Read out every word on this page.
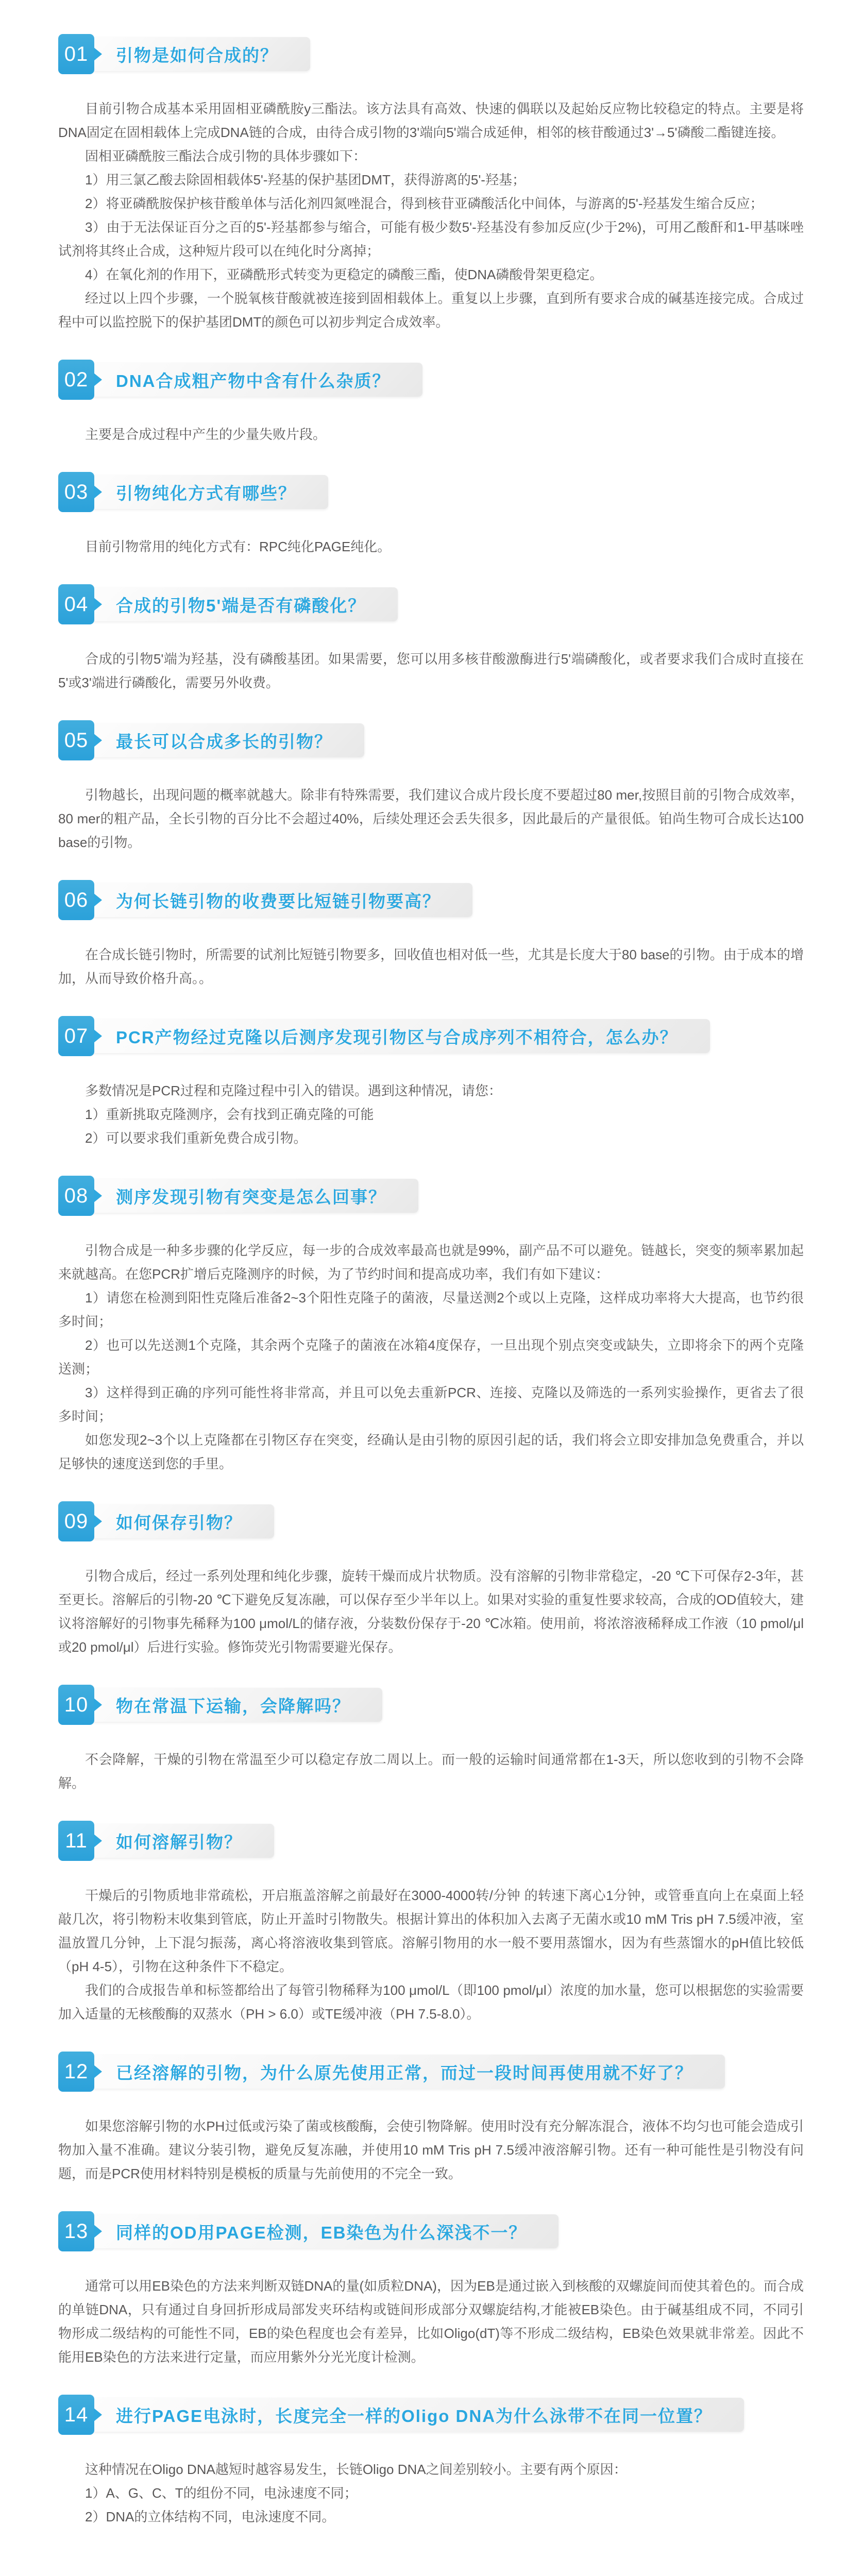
01 引物是如何合成的？

目前引物合成基本采用固相亚磷酰胺y三酯法。该方法具有高效、快速的偶联以及起始反应物比较稳定的特点。主要是将DNA固定在固相载体上完成DNA链的合成，由待合成引物的3'端向5'端合成延伸，相邻的核苷酸通过3'→5'磷酸二酯键连接。

固相亚磷酰胺三酯法合成引物的具体步骤如下：

1）用三氯乙酸去除固相载体5'-羟基的保护基团DMT，获得游离的5'-羟基；

2）将亚磷酰胺保护核苷酸单体与活化剂四氮唑混合，得到核苷亚磷酸活化中间体，与游离的5'-羟基发生缩合反应；

3）由于无法保证百分之百的5'-羟基都参与缩合，可能有极少数5'-羟基没有参加反应(少于2%)，可用乙酸酐和1-甲基咪唑试剂将其终止合成，这种短片段可以在纯化时分离掉；

4）在氧化剂的作用下，亚磷酰形式转变为更稳定的磷酸三酯，使DNA磷酸骨架更稳定。

经过以上四个步骤，一个脱氧核苷酸就被连接到固相载体上。重复以上步骤，直到所有要求合成的碱基连接完成。合成过程中可以监控脱下的保护基团DMT的颜色可以初步判定合成效率。

02 DNA合成粗产物中含有什么杂质？

主要是合成过程中产生的少量失败片段。

03 引物纯化方式有哪些？

目前引物常用的纯化方式有：RPC纯化PAGE纯化。

04 合成的引物5'端是否有磷酸化？

合成的引物5'端为羟基，没有磷酸基团。如果需要，您可以用多核苷酸激酶进行5'端磷酸化，或者要求我们合成时直接在5'或3'端进行磷酸化，需要另外收费。

05 最长可以合成多长的引物？

引物越长，出现问题的概率就越大。除非有特殊需要，我们建议合成片段长度不要超过80 mer,按照目前的引物合成效率，80 mer的粗产品，全长引物的百分比不会超过40%，后续处理还会丢失很多，因此最后的产量很低。铂尚生物可合成长达100 base的引物。

06 为何长链引物的收费要比短链引物要高？

在合成长链引物时，所需要的试剂比短链引物要多，回收值也相对低一些，尤其是长度大于80 base的引物。由于成本的增加，从而导致价格升高。。

07 PCR产物经过克隆以后测序发现引物区与合成序列不相符合，怎么办？

多数情况是PCR过程和克隆过程中引入的错误。遇到这种情况，请您：

1）重新挑取克隆测序，会有找到正确克隆的可能

2）可以要求我们重新免费合成引物。

08 测序发现引物有突变是怎么回事？

引物合成是一种多步骤的化学反应，每一步的合成效率最高也就是99%，副产品不可以避免。链越长，突变的频率累加起来就越高。在您PCR扩增后克隆测序的时候，为了节约时间和提高成功率，我们有如下建议：

1）请您在检测到阳性克隆后准备2~3个阳性克隆子的菌液，尽量送测2个或以上克隆，这样成功率将大大提高，也节约很多时间；

2）也可以先送测1个克隆，其余两个克隆子的菌液在冰箱4度保存，一旦出现个别点突变或缺失，立即将余下的两个克隆送测；

3）这样得到正确的序列可能性将非常高，并且可以免去重新PCR、连接、克隆以及筛选的一系列实验操作，更省去了很多时间；

如您发现2~3个以上克隆都在引物区存在突变，经确认是由引物的原因引起的话，我们将会立即安排加急免费重合，并以足够快的速度送到您的手里。

09 如何保存引物？

引物合成后，经过一系列处理和纯化步骤，旋转干燥而成片状物质。没有溶解的引物非常稳定，-20 ℃下可保存2-3年，甚至更长。溶解后的引物-20 ℃下避免反复冻融，可以保存至少半年以上。如果对实验的重复性要求较高，合成的OD值较大，建议将溶解好的引物事先稀释为100 μmol/L的储存液，分装数份保存于-20 ℃冰箱。使用前，将浓溶液稀释成工作液（10 pmol/μl或20 pmol/μl）后进行实验。修饰荧光引物需要避光保存。

10 物在常温下运输，会降解吗？

不会降解，干燥的引物在常温至少可以稳定存放二周以上。而一般的运输时间通常都在1-3天，所以您收到的引物不会降解。

11 如何溶解引物？

干燥后的引物质地非常疏松，开启瓶盖溶解之前最好在3000-4000转/分钟 的转速下离心1分钟，或管垂直向上在桌面上轻敲几次，将引物粉末收集到管底，防止开盖时引物散失。根据计算出的体积加入去离子无菌水或10 mM Tris pH 7.5缓冲液，室温放置几分钟，上下混匀振荡，离心将溶液收集到管底。溶解引物用的水一般不要用蒸馏水，因为有些蒸馏水的pH值比较低（pH 4-5），引物在这种条件下不稳定。

我们的合成报告单和标签都给出了每管引物稀释为100 μmol/L（即100 pmol/μl）浓度的加水量，您可以根据您的实验需要加入适量的无核酸酶的双蒸水（PH > 6.0）或TE缓冲液（PH 7.5-8.0）。

12 已经溶解的引物，为什么原先使用正常，而过一段时间再使用就不好了？

如果您溶解引物的水PH过低或污染了菌或核酸酶，会使引物降解。使用时没有充分解冻混合，液体不均匀也可能会造成引物加入量不准确。建议分装引物，避免反复冻融，并使用10 mM Tris pH 7.5缓冲液溶解引物。还有一种可能性是引物没有问题，而是PCR使用材料特别是模板的质量与先前使用的不完全一致。

13 同样的OD用PAGE检测，EB染色为什么深浅不一？

通常可以用EB染色的方法来判断双链DNA的量(如质粒DNA)，因为EB是通过嵌入到核酸的双螺旋间而使其着色的。而合成的单链DNA，只有通过自身回折形成局部发夹环结构或链间形成部分双螺旋结构,才能被EB染色。由于碱基组成不同，不同引物形成二级结构的可能性不同，EB的染色程度也会有差异，比如Oligo(dT)等不形成二级结构，EB染色效果就非常差。因此不能用EB染色的方法来进行定量，而应用紫外分光光度计检测。

14 进行PAGE电泳时，长度完全一样的Oligo DNA为什么泳带不在同一位置？

这种情况在Oligo DNA越短时越容易发生，长链Oligo DNA之间差别较小。主要有两个原因：

1）A、G、C、T的组份不同，电泳速度不同；

2）DNA的立体结构不同，电泳速度不同。
